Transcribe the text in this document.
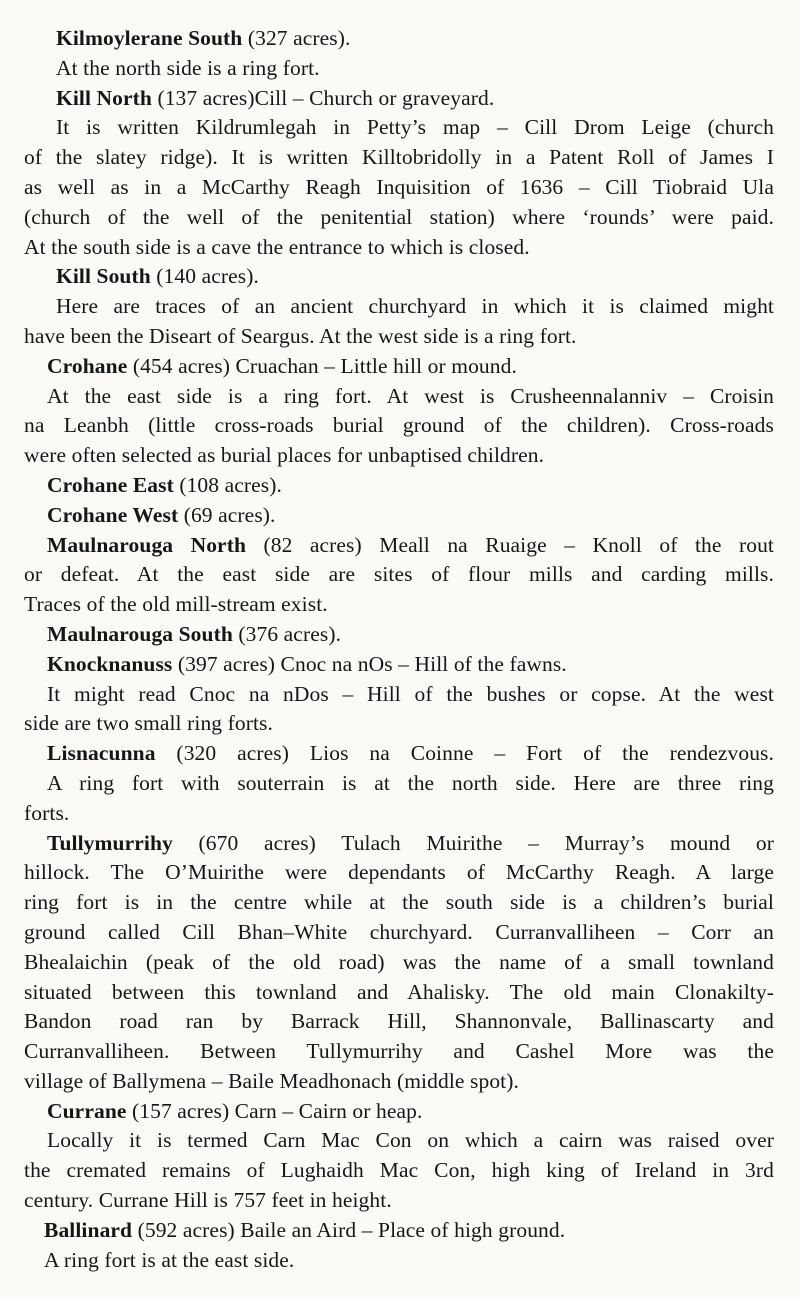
Kilmoylerane South (327 acres).
At the north side is a ring fort.
Kill North (137 acres)Cill – Church or graveyard.
It is written Kildrumlegah in Petty’s map – Cill Drom Leige (church
of the slatey ridge). It is written Killtobridolly in a Patent Roll of James I
as well as in a McCarthy Reagh Inquisition of 1636 – Cill Tiobraid Ula
(church of the well of the penitential station) where ‘rounds’ were paid.
At the south side is a cave the entrance to which is closed.
Kill South (140 acres).
Here are traces of an ancient churchyard in which it is claimed might
have been the Diseart of Seargus. At the west side is a ring fort.
Crohane (454 acres) Cruachan – Little hill or mound.
At the east side is a ring fort. At west is Crusheennalanniv – Croisin
na Leanbh (little cross-roads burial ground of the children). Cross-roads
were often selected as burial places for unbaptised children.
Crohane East (108 acres).
Crohane West (69 acres).
Maulnarouga North (82 acres) Meall na Ruaige – Knoll of the rout
or defeat. At the east side are sites of flour mills and carding mills.
Traces of the old mill-stream exist.
Maulnarouga South (376 acres).
Knocknanuss (397 acres) Cnoc na nOs – Hill of the fawns.
It might read Cnoc na nDos – Hill of the bushes or copse. At the west
side are two small ring forts.
Lisnacunna (320 acres) Lios na Coinne – Fort of the rendezvous.
A ring fort with souterrain is at the north side. Here are three ring
forts.
Tullymurrihy (670 acres) Tulach Muirithe – Murray’s mound or
hillock. The O’Muirithe were dependants of McCarthy Reagh. A large
ring fort is in the centre while at the south side is a children’s burial
ground called Cill Bhan–White churchyard. Curranvalliheen – Corr an
Bhealaichin (peak of the old road) was the name of a small townland
situated between this townland and Ahalisky. The old main Clonakilty-
Bandon road ran by Barrack Hill, Shannonvale, Ballinascarty and
Curranvalliheen. Between Tullymurrihy and Cashel More was the
village of Ballymena – Baile Meadhonach (middle spot).
Currane (157 acres) Carn – Cairn or heap.
Locally it is termed Carn Mac Con on which a cairn was raised over
the cremated remains of Lughaidh Mac Con, high king of Ireland in 3rd
century. Currane Hill is 757 feet in height.
Ballinard (592 acres) Baile an Aird – Place of high ground.
A ring fort is at the east side.
